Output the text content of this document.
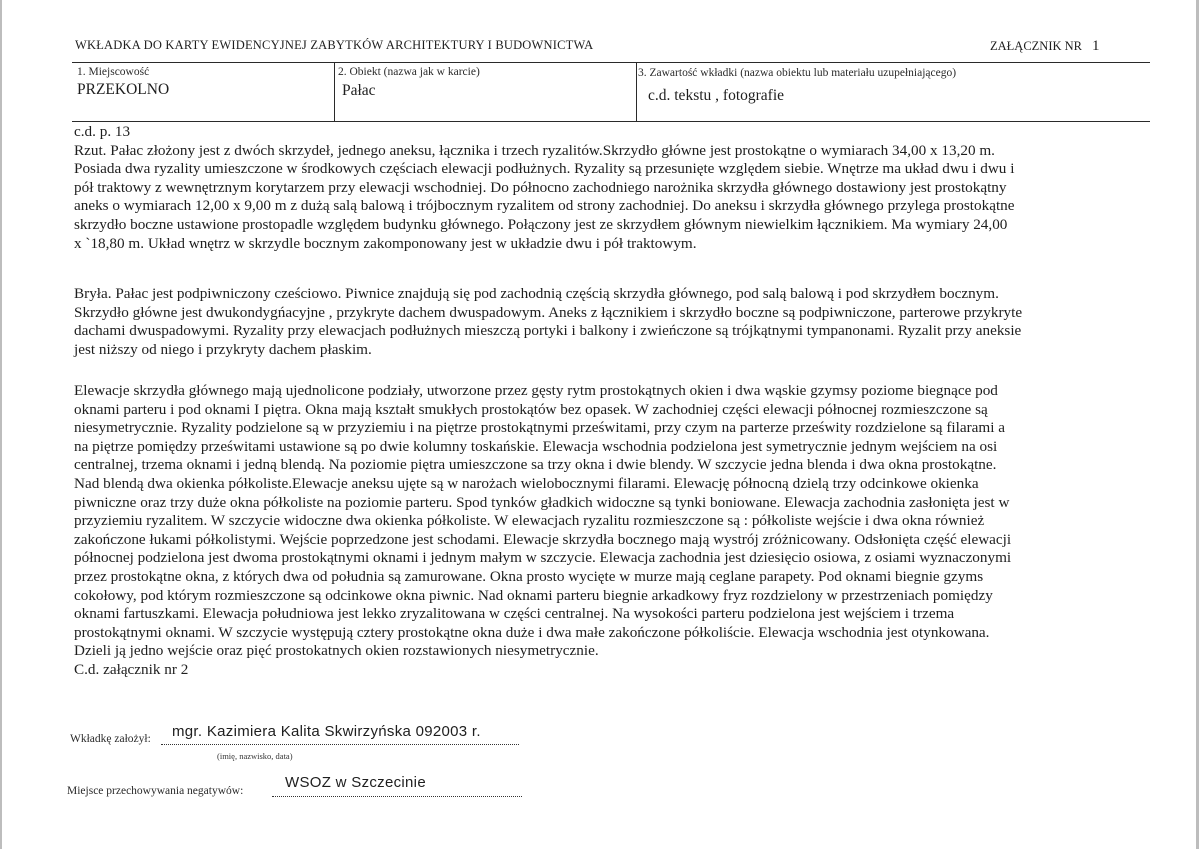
WKŁADKA DO KARTY EWIDENCYJNEJ ZABYTKÓW ARCHITEKTURY I BUDOWNICTWA	ZAŁĄCZNIK NR 1
1. Miejscowość
PRZEKOLNO
2. Obiekt (nazwa jak w karcie)
Pałac
3. Zawartość wkładki (nazwa obiektu lub materiału uzupełniającego)
c.d. tekstu , fotografie
c.d. p. 13
Rzut. Pałac złożony jest z dwóch skrzydeł, jednego aneksu, łącznika i trzech ryzalitów.Skrzydło główne jest prostokątne o wymiarach 34,00 x 13,20 m.
Posiada dwa ryzality umieszczone w środkowych częściach elewacji podłużnych. Ryzality są przesunięte względem siebie. Wnętrze ma układ dwu i dwu i
pół traktowy z wewnętrznym korytarzem przy elewacji wschodniej. Do północno zachodniego narożnika skrzydła głównego dostawiony jest prostokątny
aneks o wymiarach 12,00 x 9,00 m z dużą salą balową i trójbocznym ryzalitem od strony zachodniej. Do aneksu i skrzydła głównego przylega prostokątne
skrzydło boczne ustawione prostopadle względem budynku głównego. Połączony jest ze skrzydłem głównym niewielkim łącznikiem. Ma wymiary 24,00
x `18,80 m. Układ wnętrz w skrzydle bocznym zakomponowany jest w układzie dwu i pół traktowym.
Bryła. Pałac jest podpiwniczony cześciowo. Piwnice znajdują się pod zachodnią częścią skrzydła głównego, pod salą balową i pod skrzydłem bocznym.
Skrzydło główne jest dwukondygńacyjne , przykryte dachem dwuspadowym. Aneks z łącznikiem i skrzydło boczne są podpiwniczone, parterowe przykryte
dachami dwuspadowymi. Ryzality przy elewacjach podłużnych mieszczą portyki i balkony i zwieńczone są trójkątnymi tympanonami. Ryzalit przy aneksie
jest niższy od niego i przykryty dachem płaskim.
Elewacje skrzydła głównego mają ujednolicone podziały, utworzone przez gęsty rytm prostokątnych okien i dwa wąskie gzymsy poziome biegnące pod
oknami parteru i pod oknami I piętra. Okna mają kształt smukłych prostokątów bez opasek. W zachodniej części elewacji północnej rozmieszczone są
niesymetrycznie. Ryzality podzielone są w przyziemiu i na piętrze prostokątnymi prześwitami, przy czym na parterze prześwity rozdzielone są filarami a
na piętrze pomiędzy prześwitami ustawione są po dwie kolumny toskańskie. Elewacja wschodnia podzielona jest symetrycznie jednym wejściem na osi
centralnej, trzema oknami i jedną blendą. Na poziomie piętra umieszczone sa trzy okna i dwie blendy. W szczycie jedna blenda i dwa okna prostokątne.
Nad blendą dwa okienka półkoliste.Elewacje aneksu ujęte są w narożach wielobocznymi filarami. Elewację północną dzielą trzy odcinkowe okienka
piwniczne oraz trzy duże okna półkoliste na poziomie parteru. Spod tynków gładkich widoczne są tynki boniowane. Elewacja zachodnia zasłonięta jest w
przyziemiu ryzalitem. W szczycie widoczne dwa okienka półkoliste. W elewacjach ryzalitu rozmieszczone są : półkoliste wejście i dwa okna również
zakończone łukami półkolistymi. Wejście poprzedzone jest schodami. Elewacje skrzydła bocznego mają wystrój zróżnicowany. Odsłonięta część elewacji
północnej podzielona jest dwoma prostokątnymi oknami i jednym małym w szczycie. Elewacja zachodnia jest dziesięcio osiowa, z osiami wyznaczonymi
przez prostokątne okna, z których dwa od południa są zamurowane. Okna prosto wycięte w murze mają ceglane parapety. Pod oknami biegnie gzyms
cokołowy, pod którym rozmieszczone są odcinkowe okna piwnic. Nad oknami parteru biegnie arkadkowy fryz rozdzielony w przestrzeniach pomiędzy
oknami fartuszkami. Elewacja południowa jest lekko zryzalitowana w części centralnej. Na wysokości parteru podzielona jest wejściem i trzema
prostokątnymi oknami. W szczycie występują cztery prostokątne okna duże i dwa małe zakończone półkoliście. Elewacja wschodnia jest otynkowana.
Dzieli ją jedno wejście oraz pięć prostokatnych okien rozstawionych niesymetrycznie.
C.d. załącznik nr 2
Wkładkę założył: mgr. Kazimiera Kalita Skwirzyńska 092003 r.
(imię, nazwisko, data)
Miejsce przechowywania negatywów:	WSOZ w Szczecinie
